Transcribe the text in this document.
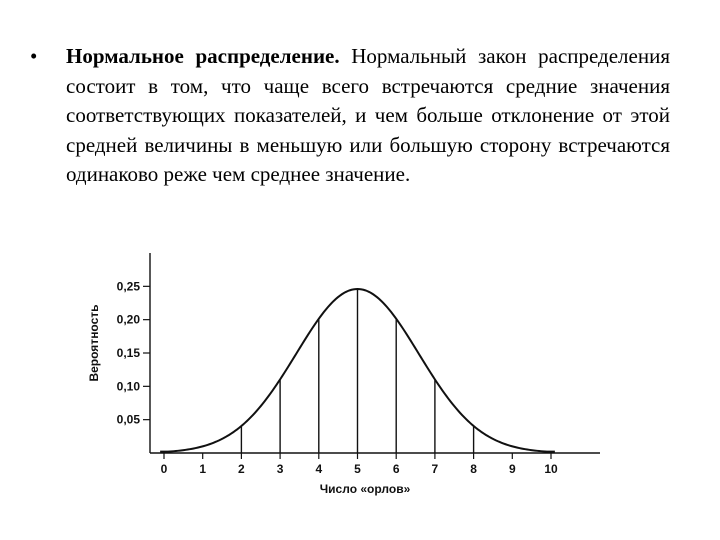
•	Нормальное распределение. Нормальный закон распределения состоит в том, что чаще всего встречаются средние значения соответствующих показателей, и чем больше отклонение от этой средней величины в меньшую или большую сторону встречаются одинаково реже чем среднее значение.
0,05
0,10
0,15
0,20
0,25
0	1	2	3	4	5	6	7	8	9 10
Число «орлов»
Вероятность
